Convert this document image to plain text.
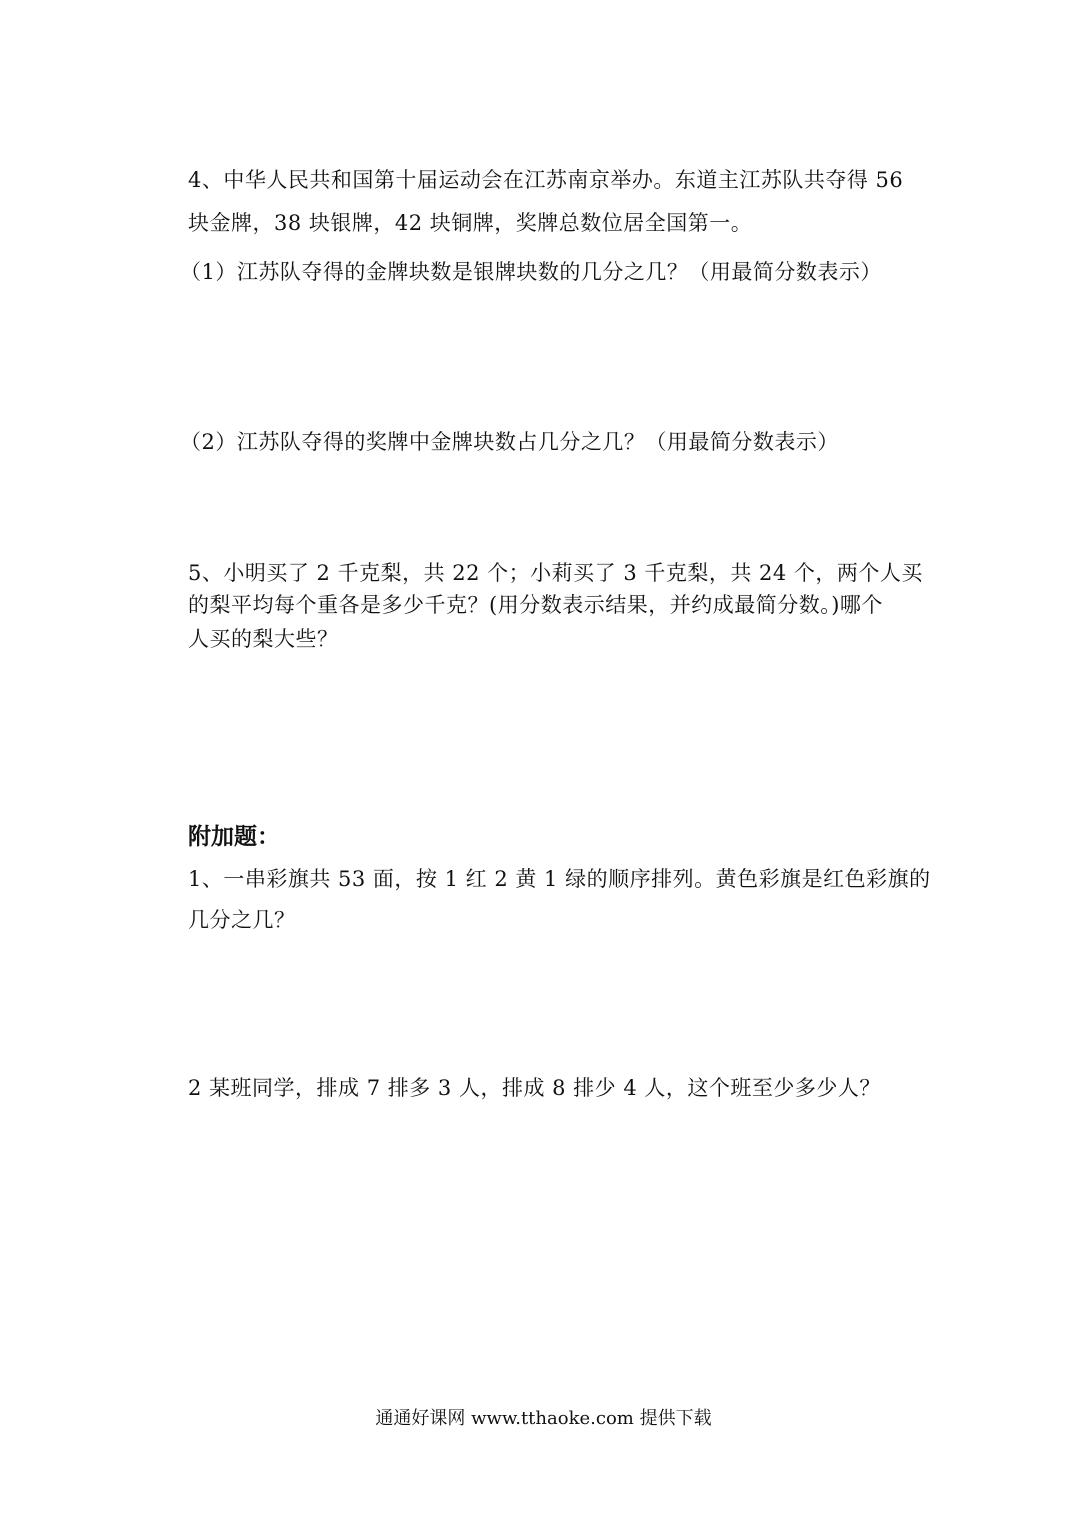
4、中华人民共和国第十届运动会在江苏南京举办。东道主江苏队共夺得 56
块金牌，38 块银牌，42 块铜牌，奖牌总数位居全国第一。
（1）江苏队夺得的金牌块数是银牌块数的几分之几？（用最简分数表示）
（2）江苏队夺得的奖牌中金牌块数占几分之几？（用最简分数表示）
5、小明买了 2 千克梨，共 22 个；小莉买了 3 千克梨，共 24 个，两个人买
的梨平均每个重各是多少千克？(用分数表示结果，并约成最简分数。)哪个
人买的梨大些？
附加题：
1、一串彩旗共 53 面，按 1 红 2 黄 1 绿的顺序排列。黄色彩旗是红色彩旗的
几分之几？
2 某班同学，排成 7 排多 3 人，排成 8 排少 4 人，这个班至少多少人？
通通好课网 www.tthaoke.com 提供下载
